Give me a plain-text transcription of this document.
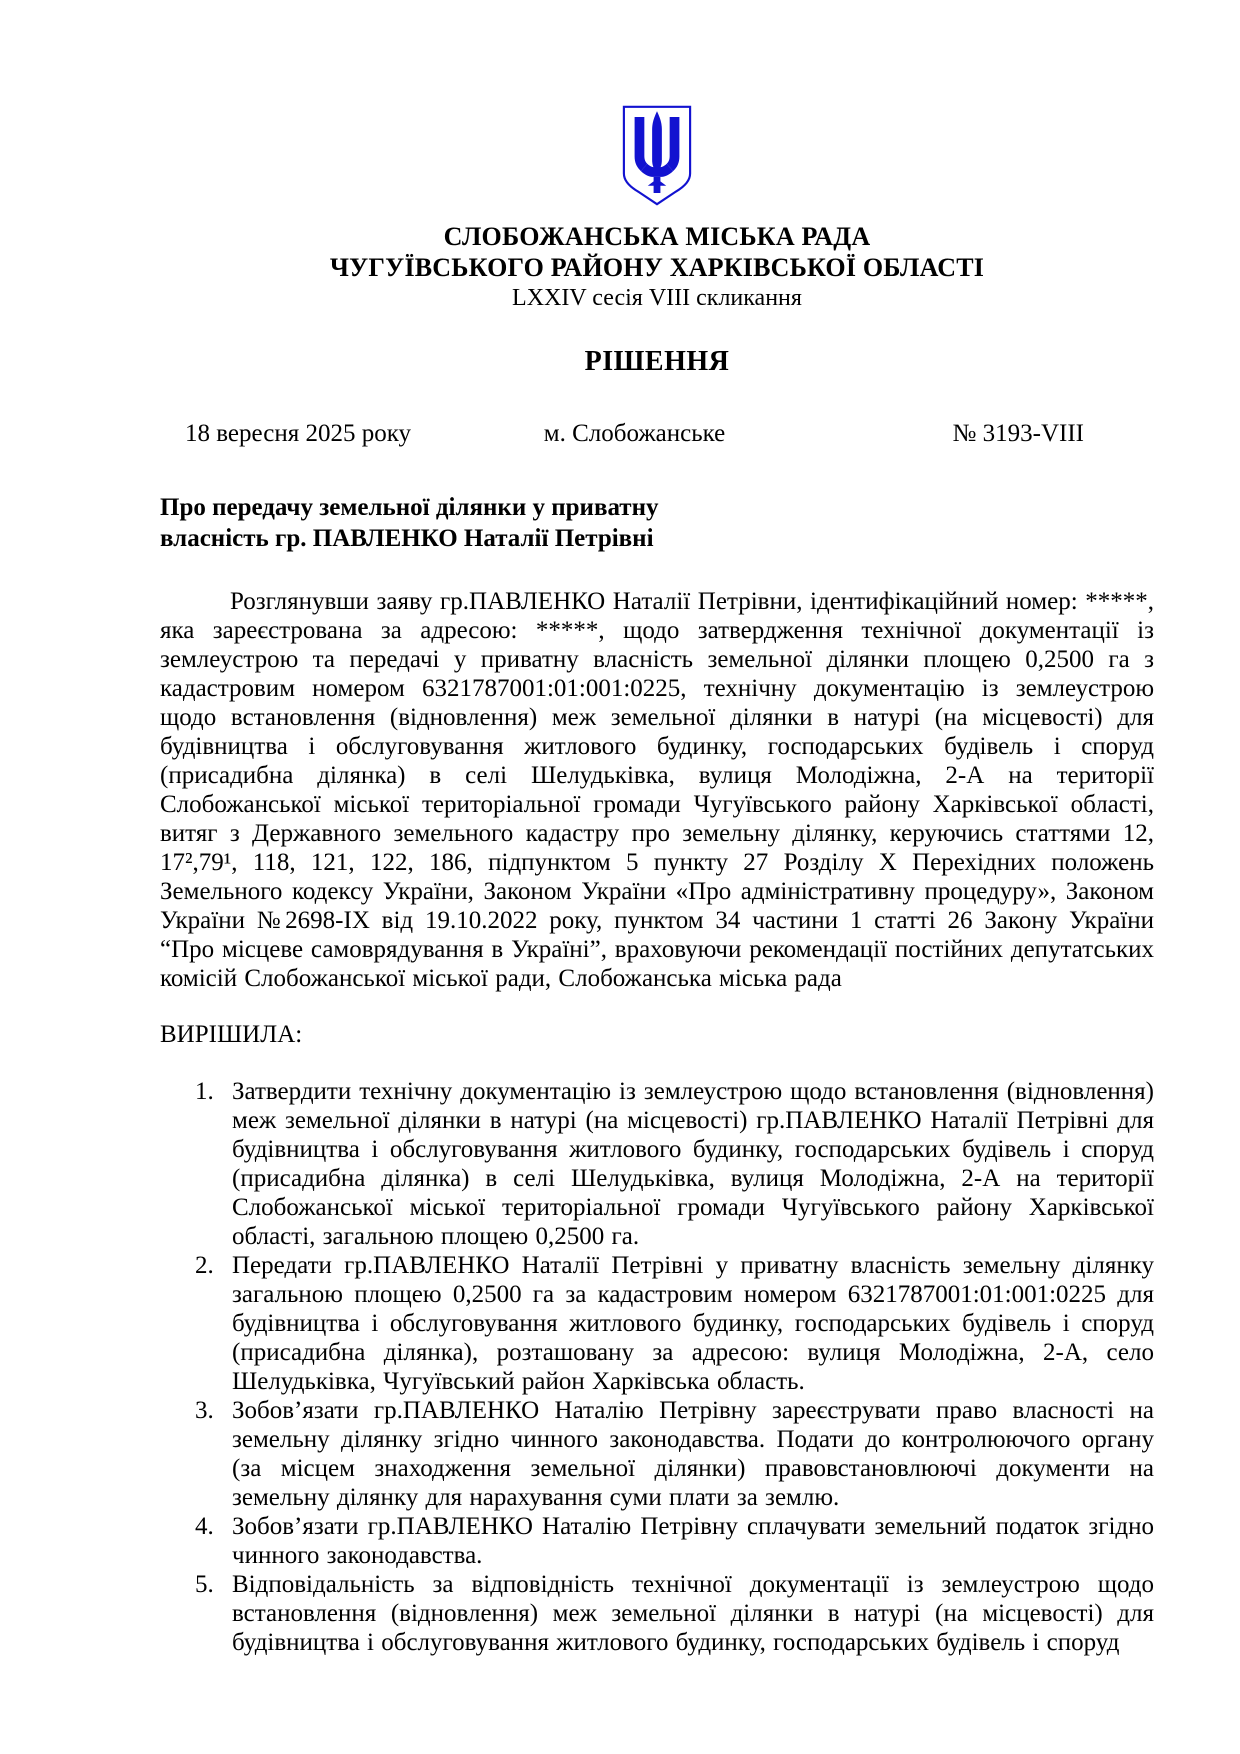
СЛОБОЖАНСЬКА МІСЬКА РАДА
ЧУГУЇВСЬКОГО РАЙОНУ ХАРКІВСЬКОЇ ОБЛАСТІ
LXXIV сесія VIII скликання
РІШЕННЯ
18 вересня 2025 року	м. Слобожанське	№ 3193-VIII
Про передачу земельної ділянки у приватну
власність гр. ПАВЛЕНКО Наталії Петрівні

Розглянувши заяву гр.ПАВЛЕНКО Наталії Петрівни, ідентифікаційний номер: *****, яка зареєстрована за адресою: *****, щодо затвердження технічної документації із землеустрою та передачі у приватну власність земельної ділянки площею 0,2500 га з кадастровим номером 6321787001:01:001:0225, технічну документацію із землеустрою щодо встановлення (відновлення) меж земельної ділянки в натурі (на місцевості) для будівництва і обслуговування житлового будинку, господарських будівель і споруд (присадибна ділянка) в селі Шелудьківка, вулиця Молодіжна, 2-А на території Слобожанської міської територіальної громади Чугуївського району Харківської області, витяг з Державного земельного кадастру про земельну ділянку, керуючись статтями 12, 17²,79¹, 118, 121, 122, 186, підпунктом 5 пункту 27 Розділу X Перехідних положень Земельного кодексу України, Законом України «Про адміністративну процедуру», Законом України №2698-ІХ від 19.10.2022 року, пунктом 34 частини 1 статті 26 Закону України “Про місцеве самоврядування в Україні”, враховуючи рекомендації постійних депутатських комісій Слобожанської міської ради, Слобожанська міська рада

ВИРІШИЛА:
1. Затвердити технічну документацію із землеустрою щодо встановлення (відновлення) меж земельної ділянки в натурі (на місцевості) гр.ПАВЛЕНКО Наталії Петрівні для будівництва і обслуговування житлового будинку, господарських будівель і споруд (присадибна ділянка) в селі Шелудьківка, вулиця Молодіжна, 2-А на території Слобожанської міської територіальної громади Чугуївського району Харківської області, загальною площею 0,2500 га.
2. Передати гр.ПАВЛЕНКО Наталії Петрівні у приватну власність земельну ділянку загальною площею 0,2500 га за кадастровим номером 6321787001:01:001:0225 для будівництва і обслуговування житлового будинку, господарських будівель і споруд (присадибна ділянка), розташовану за адресою: вулиця Молодіжна, 2-А, село Шелудьківка, Чугуївський район Харківська область.
3. Зобов’язати гр.ПАВЛЕНКО Наталію Петрівну зареєструвати право власності на земельну ділянку згідно чинного законодавства. Подати до контролюючого органу (за місцем знаходження земельної ділянки) правовстановлюючі документи на земельну ділянку для нарахування суми плати за землю.
4. Зобов’язати гр.ПАВЛЕНКО Наталію Петрівну сплачувати земельний податок згідно чинного законодавства.
5. Відповідальність за відповідність технічної документації із землеустрою щодо встановлення (відновлення) меж земельної ділянки в натурі (на місцевості) для будівництва і обслуговування житлового будинку, господарських будівель і споруд
